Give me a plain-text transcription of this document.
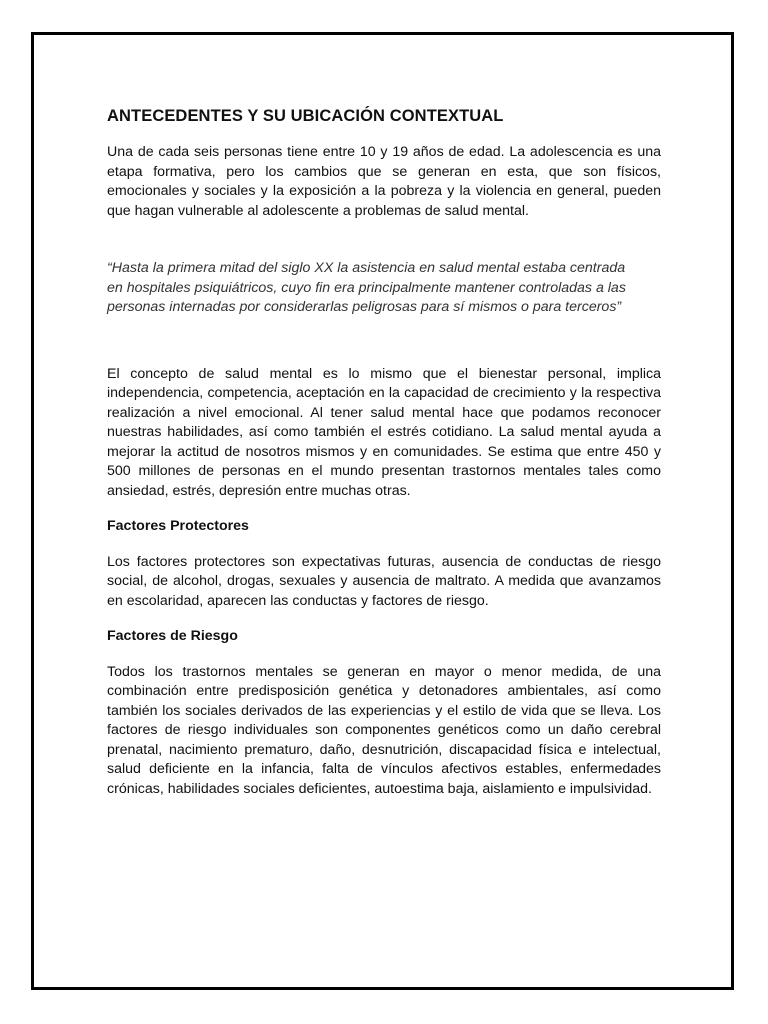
ANTECEDENTES Y SU UBICACIÓN CONTEXTUAL

Una de cada seis personas tiene entre 10 y 19 años de edad. La adolescencia es una etapa formativa, pero los cambios que se generan en esta, que son físicos, emocionales y sociales y la exposición a la pobreza y la violencia en general, pueden que hagan vulnerable al adolescente a problemas de salud mental.

“Hasta la primera mitad del siglo XX la asistencia en salud mental estaba centrada

en hospitales psiquiátricos, cuyo fin era principalmente mantener controladas a las

personas internadas por considerarlas peligrosas para sí mismos o para terceros”

El concepto de salud mental es lo mismo que el bienestar personal, implica independencia, competencia, aceptación en la capacidad de crecimiento y la respectiva realización a nivel emocional. Al tener salud mental hace que podamos reconocer nuestras habilidades, así como también el estrés cotidiano. La salud mental ayuda a mejorar la actitud de nosotros mismos y en comunidades. Se estima que entre 450 y 500 millones de personas en el mundo presentan trastornos mentales tales como ansiedad, estrés, depresión entre muchas otras.

Factores Protectores

Los factores protectores son expectativas futuras, ausencia de conductas de riesgo social, de alcohol, drogas, sexuales y ausencia de maltrato. A medida que avanzamos en escolaridad, aparecen las conductas y factores de riesgo.

Factores de Riesgo

Todos los trastornos mentales se generan en mayor o menor medida, de una combinación entre predisposición genética y detonadores ambientales, así como también los sociales derivados de las experiencias y el estilo de vida que se lleva. Los factores de riesgo individuales son componentes genéticos como un daño cerebral prenatal, nacimiento prematuro, daño, desnutrición, discapacidad física e intelectual, salud deficiente en la infancia, falta de vínculos afectivos estables, enfermedades crónicas, habilidades sociales deficientes, autoestima baja, aislamiento e impulsividad.
